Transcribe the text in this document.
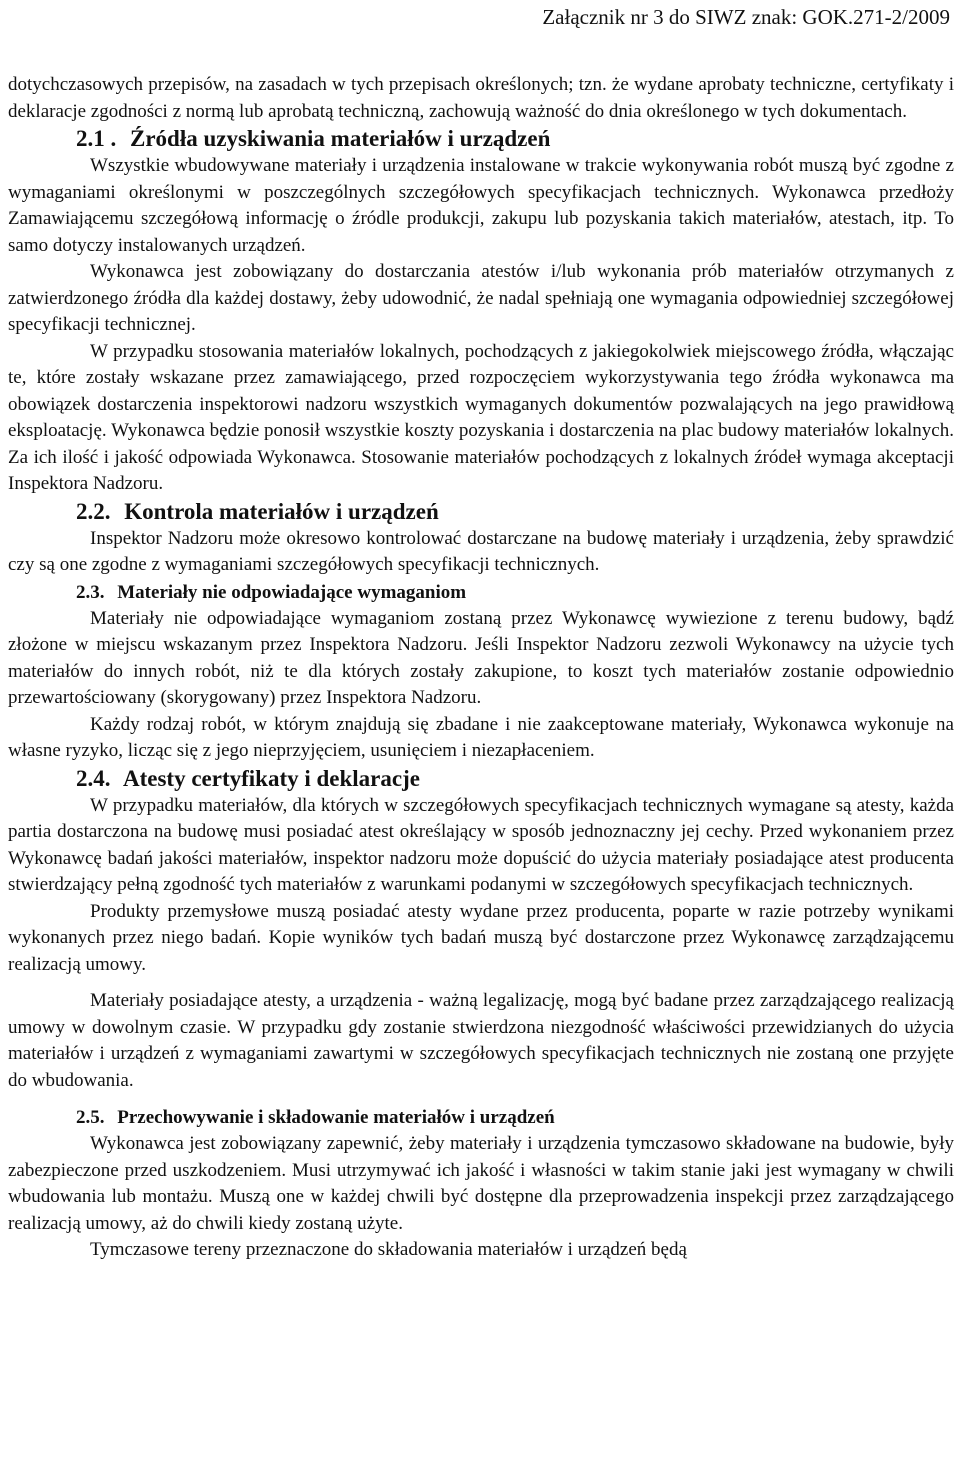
Załącznik nr 3 do SIWZ znak: GOK.271-2/2009

dotychczasowych przepisów, na zasadach w tych przepisach określonych; tzn. że wydane aprobaty techniczne, certyfikaty i deklaracje zgodności z normą lub aprobatą techniczną, zachowują ważność do dnia określonego w tych dokumentach.

2.1 . Źródła uzyskiwania materiałów i urządzeń

Wszystkie wbudowywane materiały i urządzenia instalowane w trakcie wykonywania robót muszą być zgodne z wymaganiami określonymi w poszczególnych szczegółowych specyfikacjach technicznych. Wykonawca przedłoży Zamawiającemu szczegółową informację o źródle produkcji, zakupu lub pozyskania takich materiałów, atestach, itp. To samo dotyczy instalowanych urządzeń.

Wykonawca jest zobowiązany do dostarczania atestów i/lub wykonania prób materiałów otrzymanych z zatwierdzonego źródła dla każdej dostawy, żeby udowodnić, że nadal spełniają one wymagania odpowiedniej szczegółowej specyfikacji technicznej.

W przypadku stosowania materiałów lokalnych, pochodzących z jakiegokolwiek miejscowego źródła, włączając te, które zostały wskazane przez zamawiającego, przed rozpoczęciem wykorzystywania tego źródła wykonawca ma obowiązek dostarczenia inspektorowi nadzoru wszystkich wymaganych dokumentów pozwalających na jego prawidłową eksploatację. Wykonawca będzie ponosił wszystkie koszty pozyskania i dostarczenia na plac budowy materiałów lokalnych. Za ich ilość i jakość odpowiada Wykonawca. Stosowanie materiałów pochodzących z lokalnych źródeł wymaga akceptacji Inspektora Nadzoru.

2.2. Kontrola materiałów i urządzeń

Inspektor Nadzoru może okresowo kontrolować dostarczane na budowę materiały i urządzenia, żeby sprawdzić czy są one zgodne z wymaganiami szczegółowych specyfikacji technicznych.

2.3. Materiały nie odpowiadające wymaganiom

Materiały nie odpowiadające wymaganiom zostaną przez Wykonawcę wywiezione z terenu budowy, bądź złożone w miejscu wskazanym przez Inspektora Nadzoru. Jeśli Inspektor Nadzoru zezwoli Wykonawcy na użycie tych materiałów do innych robót, niż te dla których zostały zakupione, to koszt tych materiałów zostanie odpowiednio przewartościowany (skorygowany) przez Inspektora Nadzoru.

Każdy rodzaj robót, w którym znajdują się zbadane i nie zaakceptowane materiały, Wykonawca wykonuje na własne ryzyko, licząc się z jego nieprzyjęciem, usunięciem i niezapłaceniem.

2.4. Atesty certyfikaty i deklaracje

W przypadku materiałów, dla których w szczegółowych specyfikacjach technicznych wymagane są atesty, każda partia dostarczona na budowę musi posiadać atest określający w sposób jednoznaczny jej cechy. Przed wykonaniem przez Wykonawcę badań jakości materiałów, inspektor nadzoru może dopuścić do użycia materiały posiadające atest producenta stwierdzający pełną zgodność tych materiałów z warunkami podanymi w szczegółowych specyfikacjach technicznych.

Produkty przemysłowe muszą posiadać atesty wydane przez producenta, poparte w razie potrzeby wynikami wykonanych przez niego badań. Kopie wyników tych badań muszą być dostarczone przez Wykonawcę zarządzającemu realizacją umowy.

Materiały posiadające atesty, a urządzenia - ważną legalizację, mogą być badane przez zarządzającego realizacją umowy w dowolnym czasie. W przypadku gdy zostanie stwierdzona niezgodność właściwości przewidzianych do użycia materiałów i urządzeń z wymaganiami zawartymi w szczegółowych specyfikacjach technicznych nie zostaną one przyjęte do wbudowania.

2.5. Przechowywanie i składowanie materiałów i urządzeń

Wykonawca jest zobowiązany zapewnić, żeby materiały i urządzenia tymczasowo składowane na budowie, były zabezpieczone przed uszkodzeniem. Musi utrzymywać ich jakość i własności w takim stanie jaki jest wymagany w chwili wbudowania lub montażu. Muszą one w każdej chwili być dostępne dla przeprowadzenia inspekcji przez zarządzającego realizacją umowy, aż do chwili kiedy zostaną użyte.

Tymczasowe tereny przeznaczone do składowania materiałów i urządzeń będą
